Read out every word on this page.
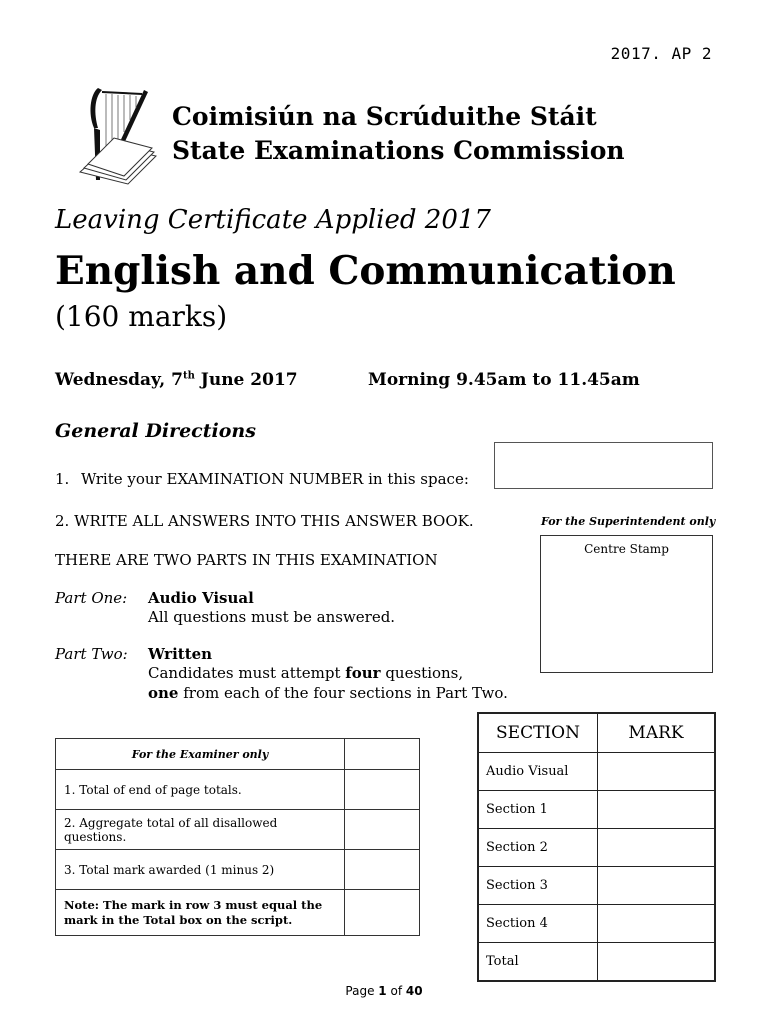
2017. AP 2
Coimisiún na Scrúduithe Stáit
State Examinations Commission
Leaving Certificate Applied 2017
English and Communication
(160 marks)
Wednesday, 7th June 2017	Morning 9.45am to 11.45am
General Directions
1. Write your EXAMINATION NUMBER in this space:
2. WRITE ALL ANSWERS INTO THIS ANSWER BOOK.	For the Superintendent only
THERE ARE TWO PARTS IN THIS EXAMINATION
Centre Stamp
Part One: Audio Visual
All questions must be answered.
Part Two: Written
Candidates must attempt four questions,
one from each of the four sections in Part Two.
For the Examiner only	
1. Total of end of page totals.	
2. Aggregate total of all disallowed questions.	
3. Total mark awarded (1 minus 2)	
Note: The mark in row 3 must equal the mark in the Total box on the script.	
SECTION	MARK
Audio Visual	
Section 1	
Section 2	
Section 3	
Section 4	
Total	
Page 1 of 40
